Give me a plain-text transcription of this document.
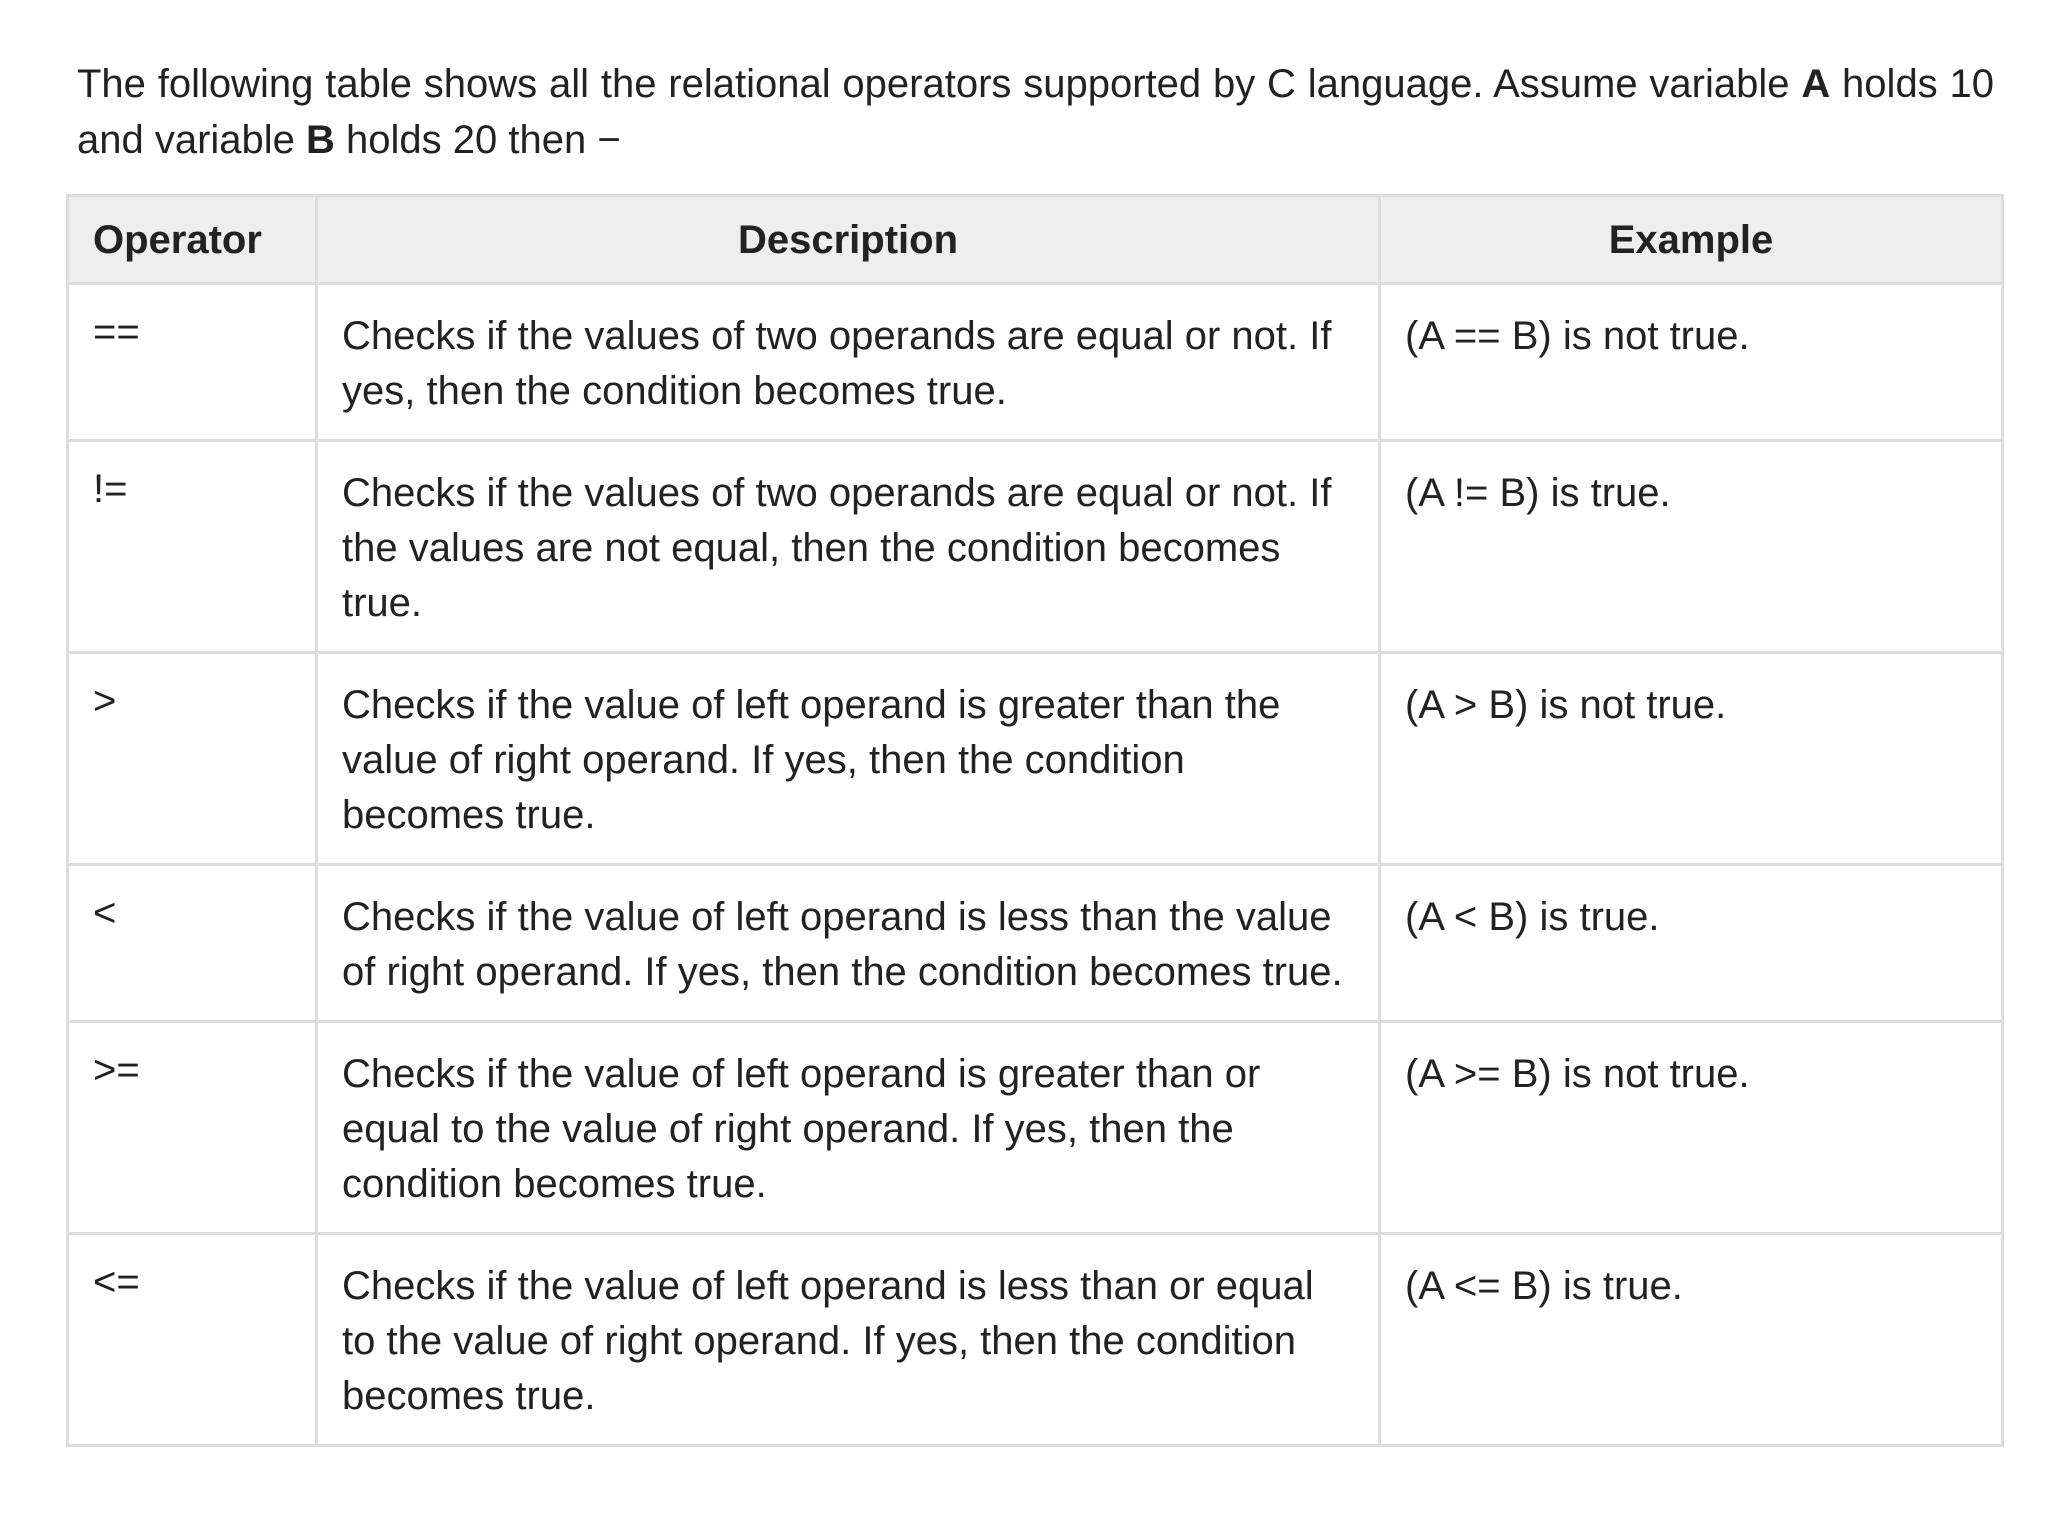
The following table shows all the relational operators supported by C language. Assume variable A holds 10 and variable B holds 20 then −

Operator	Description	Example
==	Checks if the values of two operands are equal or not. If yes, then the condition becomes true.	(A == B) is not true.
!=	Checks if the values of two operands are equal or not. If the values are not equal, then the condition becomes true.	(A != B) is true.
>	Checks if the value of left operand is greater than the value of right operand. If yes, then the condition becomes true.	(A > B) is not true.
<	Checks if the value of left operand is less than the value of right operand. If yes, then the condition becomes true.	(A < B) is true.
>=	Checks if the value of left operand is greater than or equal to the value of right operand. If yes, then the condition becomes true.	(A >= B) is not true.
<=	Checks if the value of left operand is less than or equal to the value of right operand. If yes, then the condition becomes true.	(A <= B) is true.
